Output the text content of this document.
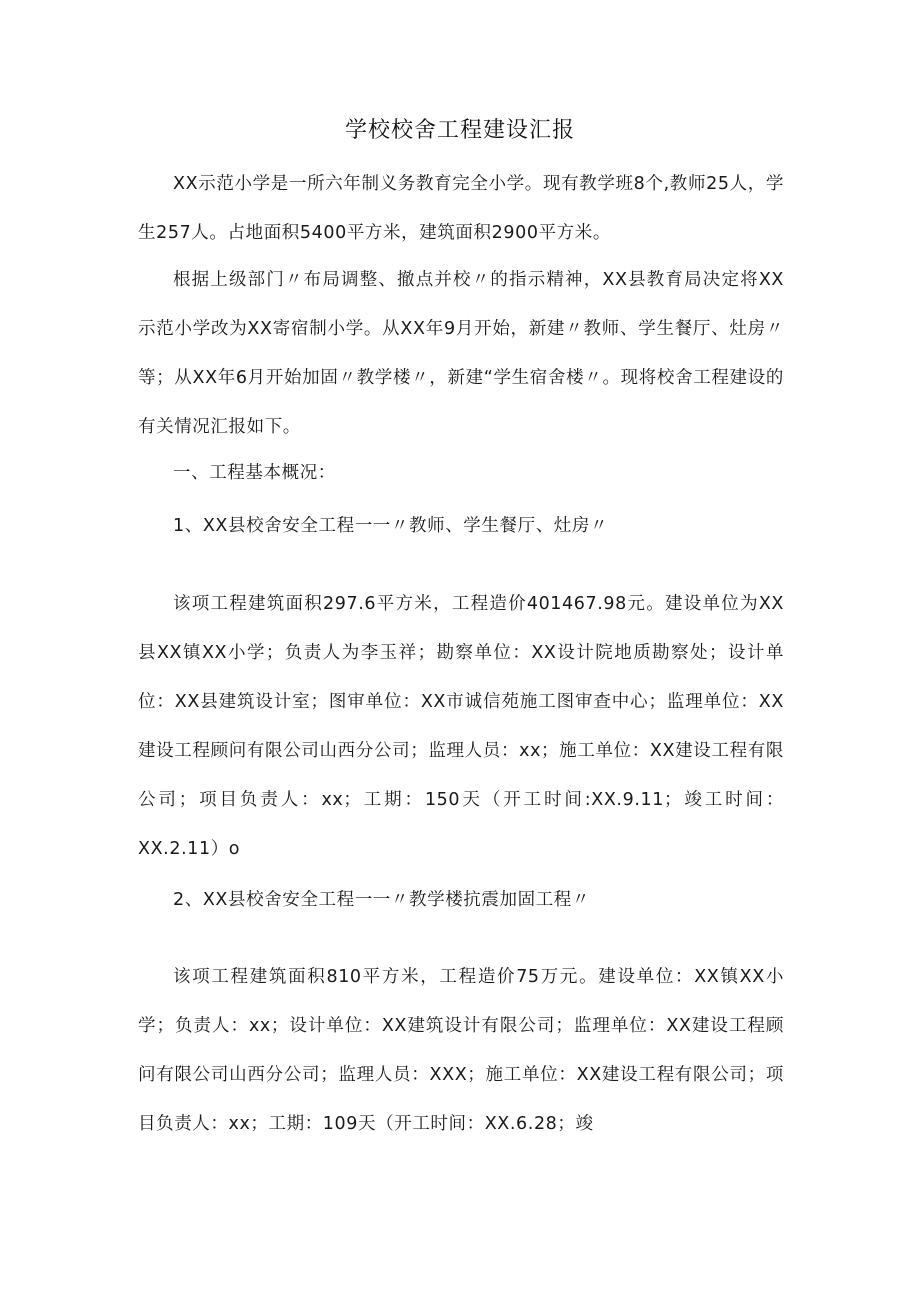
学校校舍工程建设汇报

XX示范小学是一所六年制义务教育完全小学。现有教学班8个,教师25人，学生257人。占地面积5400平方米，建筑面积2900平方米。

根据上级部门〃布局调整、撤点并校〃的指示精神，XX县教育局决定将XX示范小学改为XX寄宿制小学。从XX年9月开始，新建〃教师、学生餐厅、灶房〃等；从XX年6月开始加固〃教学楼〃，新建“学生宿舍楼〃。现将校舍工程建设的有关情况汇报如下。

一、工程基本概况：

1、XX县校舍安全工程一一〃教师、学生餐厅、灶房〃

该项工程建筑面积297.6平方米，工程造价401467.98元。建设单位为XX县XX镇XX小学；负责人为李玉祥；勘察单位：XX设计院地质勘察处；设计单位：XX县建筑设计室；图审单位：XX市诚信苑施工图审查中心；监理单位：XX建设工程顾问有限公司山西分公司；监理人员：xx；施工单位：XX建设工程有限公司；项目负责人：xx；工期：150天（开工时间:XX.9.11；竣工时间：XX.2.11）o

2、XX县校舍安全工程一一〃教学楼抗震加固工程〃

该项工程建筑面积810平方米，工程造价75万元。建设单位：XX镇XX小学；负责人：xx；设计单位：XX建筑设计有限公司；监理单位：XX建设工程顾问有限公司山西分公司；监理人员：XXX；施工单位：XX建设工程有限公司；项目负责人：xx；工期：109天（开工时间：XX.6.28；竣
